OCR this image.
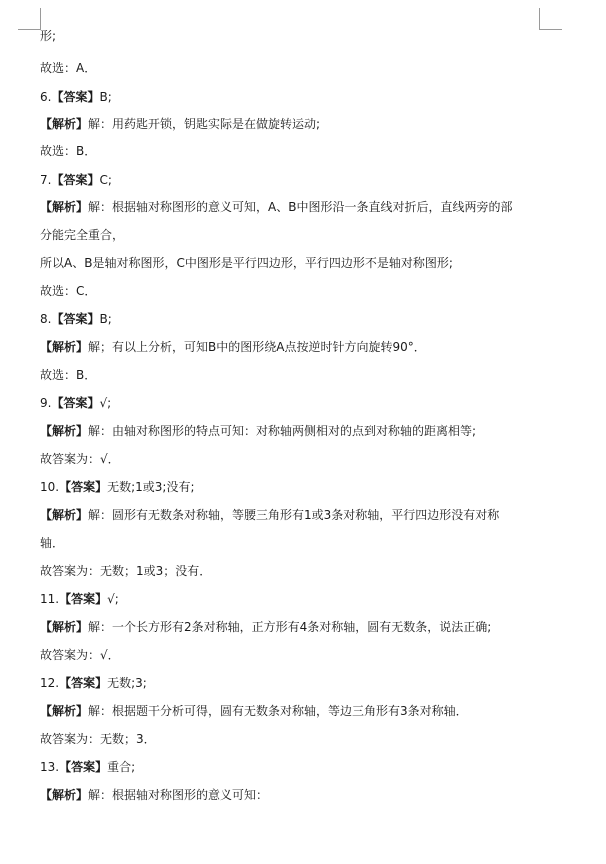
形;
故选：A．
6.【答案】B;
【解析】解：用药匙开锁，钥匙实际是在做旋转运动;
故选：B．
7.【答案】C;
【解析】解：根据轴对称图形的意义可知，A、B中图形沿一条直线对折后，直线两旁的部
分能完全重合，
所以A、B是轴对称图形，C中图形是平行四边形，平行四边形不是轴对称图形;
故选：C．
8.【答案】B;
【解析】解；有以上分析，可知B中的图形绕A点按逆时针方向旋转90°．
故选：B．
9.【答案】√;
【解析】解：由轴对称图形的特点可知：对称轴两侧相对的点到对称轴的距离相等;
故答案为：√．
10.【答案】无数;1或3;没有;
【解析】解：圆形有无数条对称轴，等腰三角形有1或3条对称轴，平行四边形没有对称
轴．
故答案为：无数；1或3；没有．
11.【答案】√;
【解析】解：一个长方形有2条对称轴，正方形有4条对称轴，圆有无数条，说法正确;
故答案为：√．
12.【答案】无数;3;
【解析】解：根据题干分析可得，圆有无数条对称轴，等边三角形有3条对称轴．
故答案为：无数；3．
13.【答案】重合;
【解析】解：根据轴对称图形的意义可知：
